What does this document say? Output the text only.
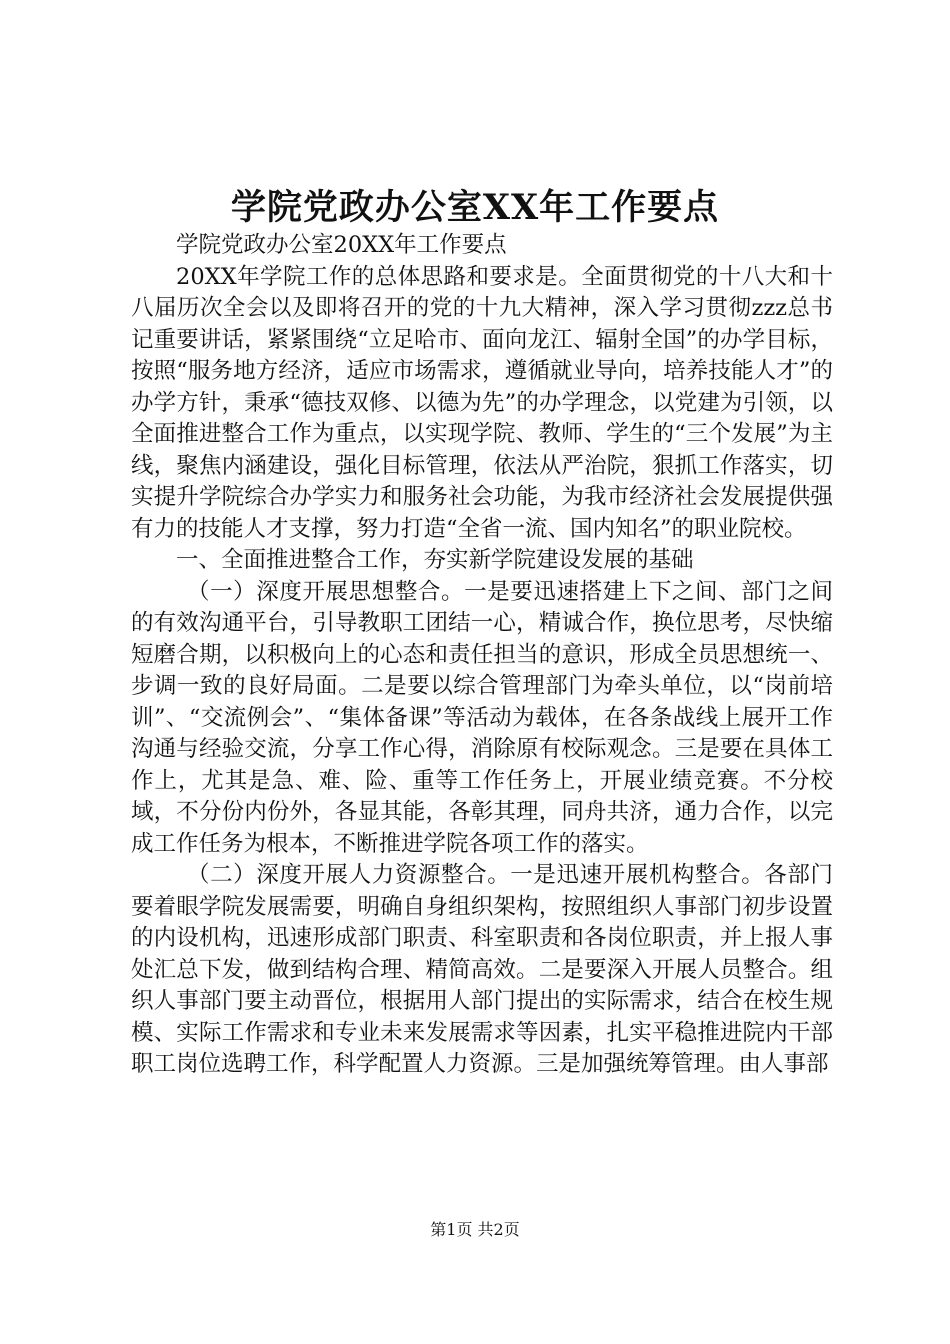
学院党政办公室XX年工作要点

学院党政办公室20XX年工作要点

20XX年学院工作的总体思路和要求是。全面贯彻党的十八大和十八届历次全会以及即将召开的党的十九大精神，深入学习贯彻zzz总书记重要讲话，紧紧围绕“立足哈市、面向龙江、辐射全国”的办学目标，按照“服务地方经济，适应市场需求，遵循就业导向，培养技能人才”的办学方针，秉承“德技双修、以德为先”的办学理念，以党建为引领，以全面推进整合工作为重点，以实现学院、教师、学生的“三个发展”为主线，聚焦内涵建设，强化目标管理，依法从严治院，狠抓工作落实，切实提升学院综合办学实力和服务社会功能，为我市经济社会发展提供强有力的技能人才支撑，努力打造“全省一流、国内知名”的职业院校。

一、全面推进整合工作，夯实新学院建设发展的基础

（一）深度开展思想整合。一是要迅速搭建上下之间、部门之间的有效沟通平台，引导教职工团结一心，精诚合作，换位思考，尽快缩短磨合期，以积极向上的心态和责任担当的意识，形成全员思想统一、步调一致的良好局面。二是要以综合管理部门为牵头单位，以“岗前培训”、“交流例会”、“集体备课”等活动为载体，在各条战线上展开工作沟通与经验交流，分享工作心得，消除原有校际观念。三是要在具体工作上，尤其是急、难、险、重等工作任务上，开展业绩竞赛。不分校域，不分份内份外，各显其能，各彰其理，同舟共济，通力合作，以完成工作任务为根本，不断推进学院各项工作的落实。

（二）深度开展人力资源整合。一是迅速开展机构整合。各部门要着眼学院发展需要，明确自身组织架构，按照组织人事部门初步设置的内设机构，迅速形成部门职责、科室职责和各岗位职责，并上报人事处汇总下发，做到结构合理、精简高效。二是要深入开展人员整合。组织人事部门要主动晋位，根据用人部门提出的实际需求，结合在校生规模、实际工作需求和专业未来发展需求等因素，扎实平稳推进院内干部职工岗位选聘工作，科学配置人力资源。三是加强统筹管理。由人事部

第1页 共2页
